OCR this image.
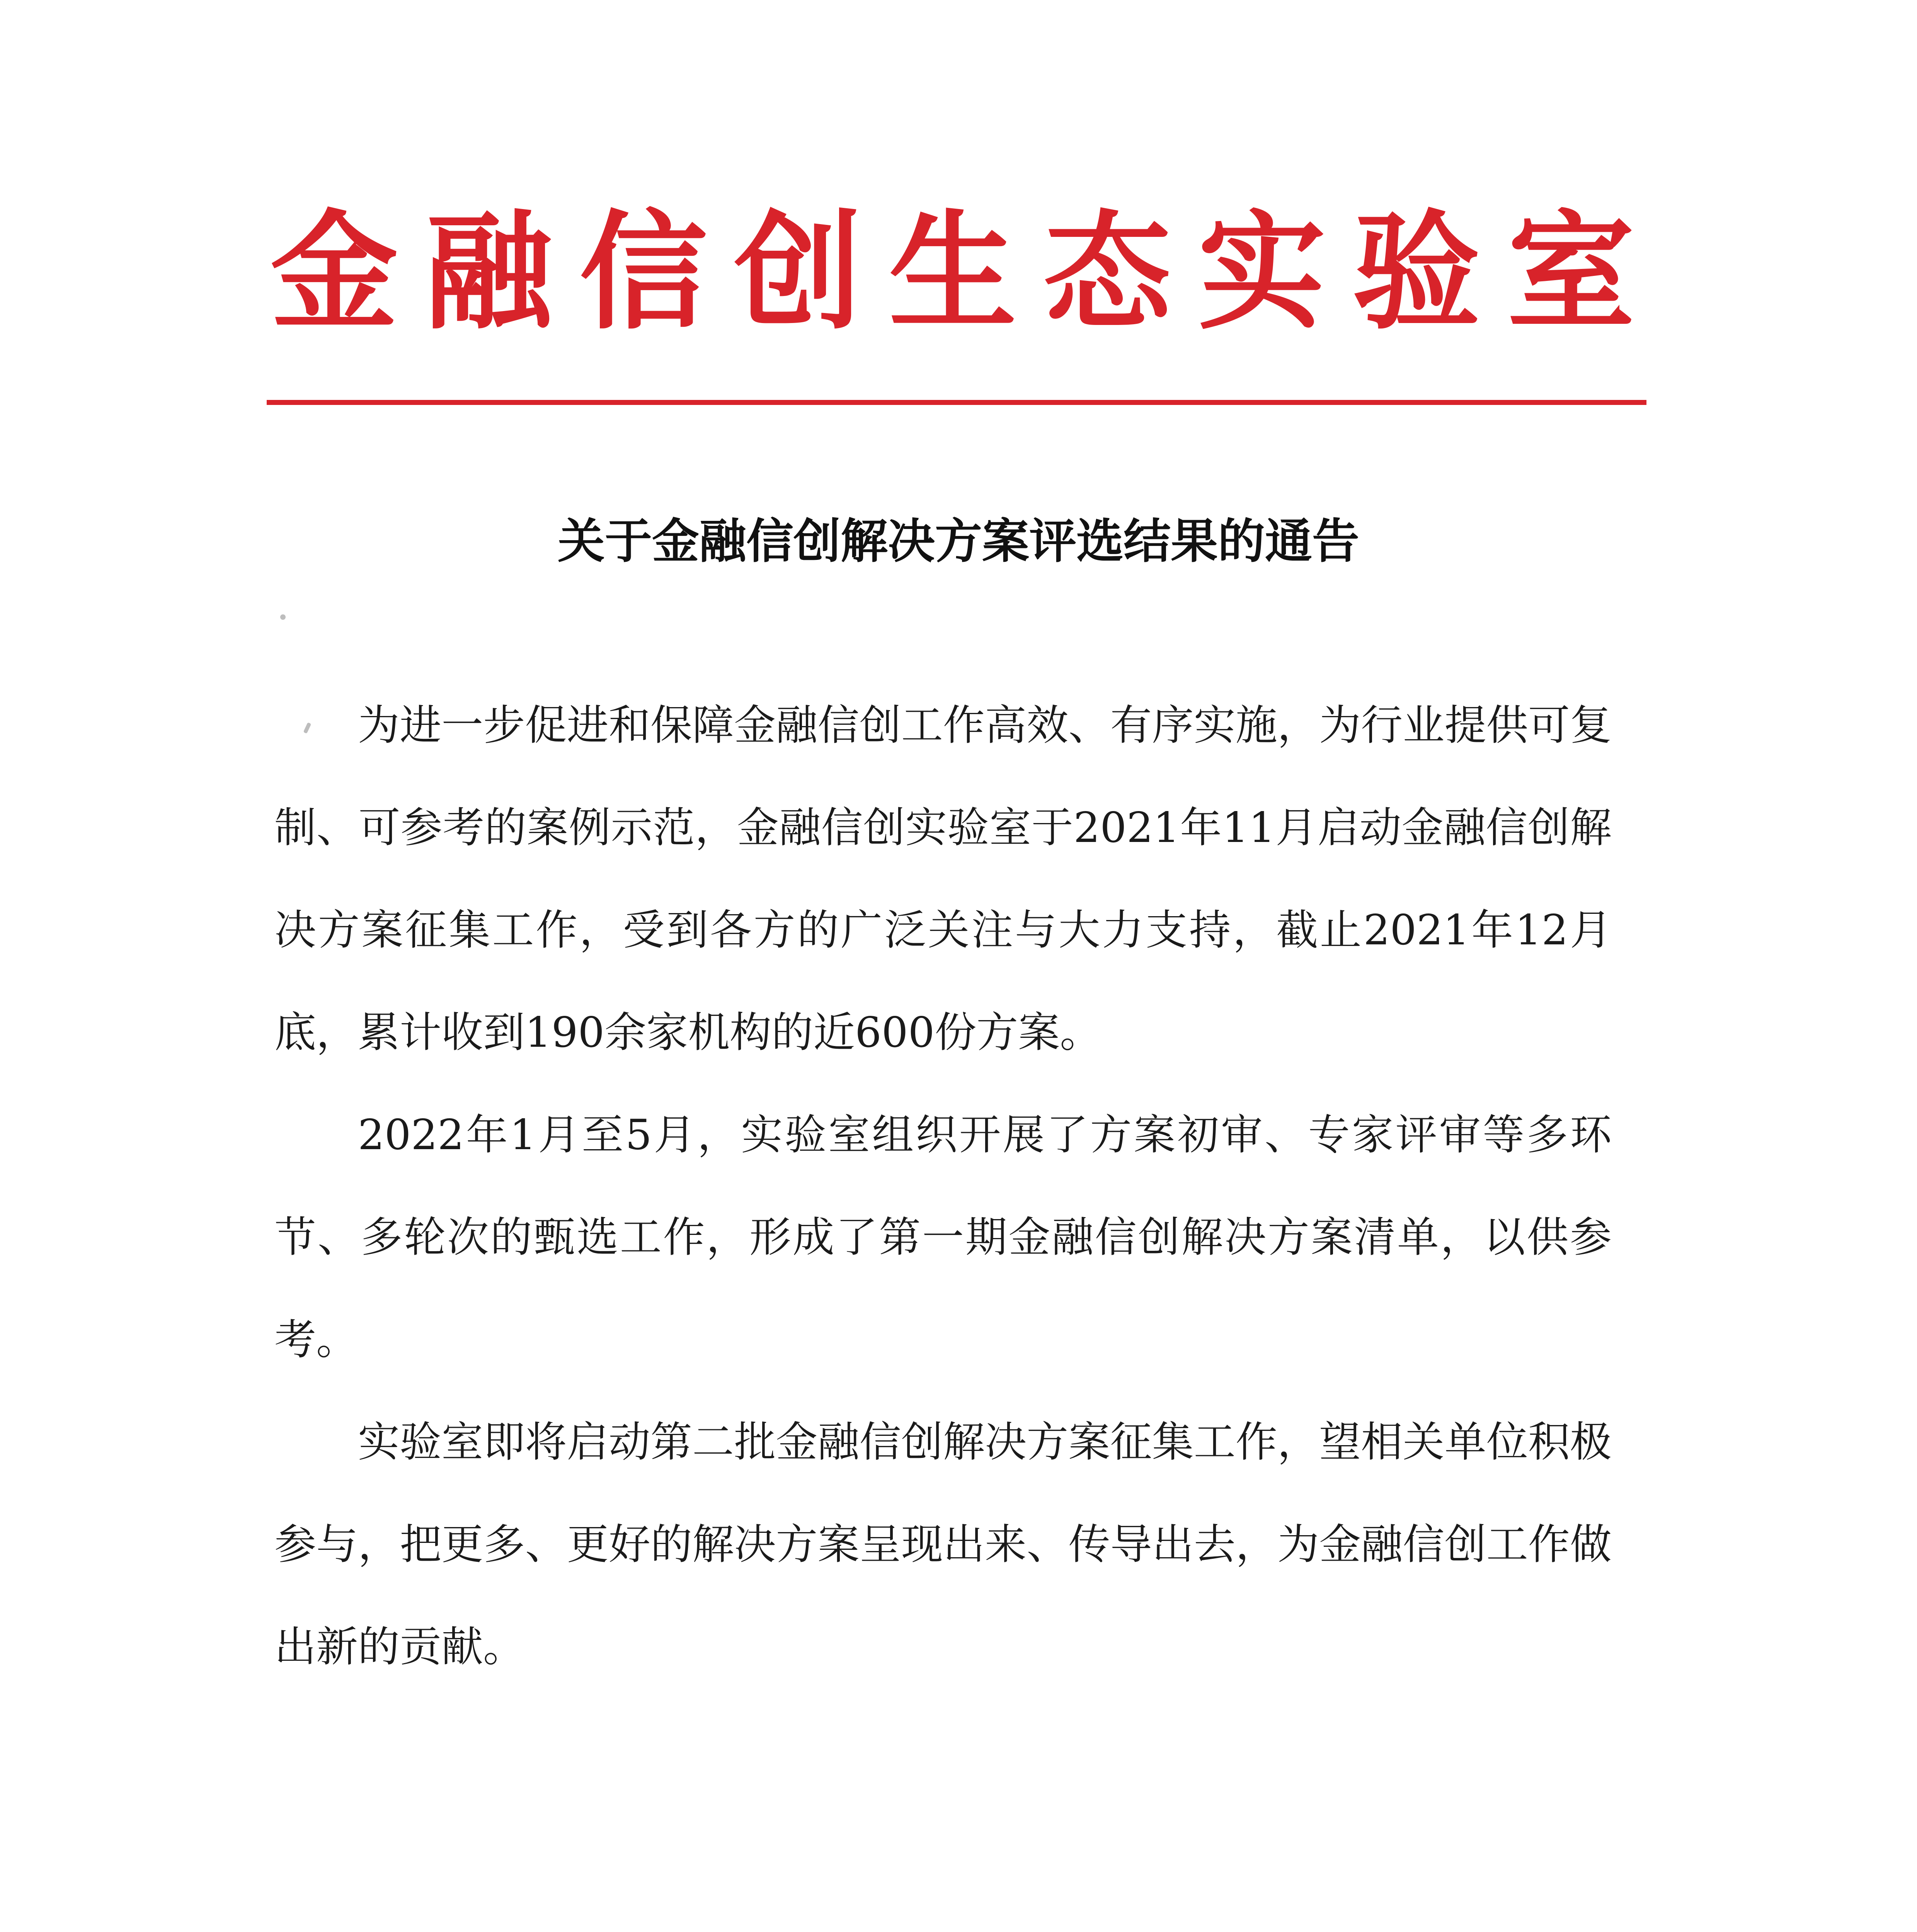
金融信创生态实验室
关于金融信创解决方案评选结果的通告

为进一步促进和保障金融信创工作高效、有序实施，为行业提供可复制、可参考的案例示范，金融信创实验室于2021年11月启动金融信创解决方案征集工作，受到各方的广泛关注与大力支持，截止2021年12月底，累计收到190余家机构的近600份方案。

2022年1月至5月，实验室组织开展了方案初审、专家评审等多环节、多轮次的甄选工作，形成了第一期金融信创解决方案清单，以供参考。

实验室即将启动第二批金融信创解决方案征集工作，望相关单位积极参与，把更多、更好的解决方案呈现出来、传导出去，为金融信创工作做出新的贡献。
